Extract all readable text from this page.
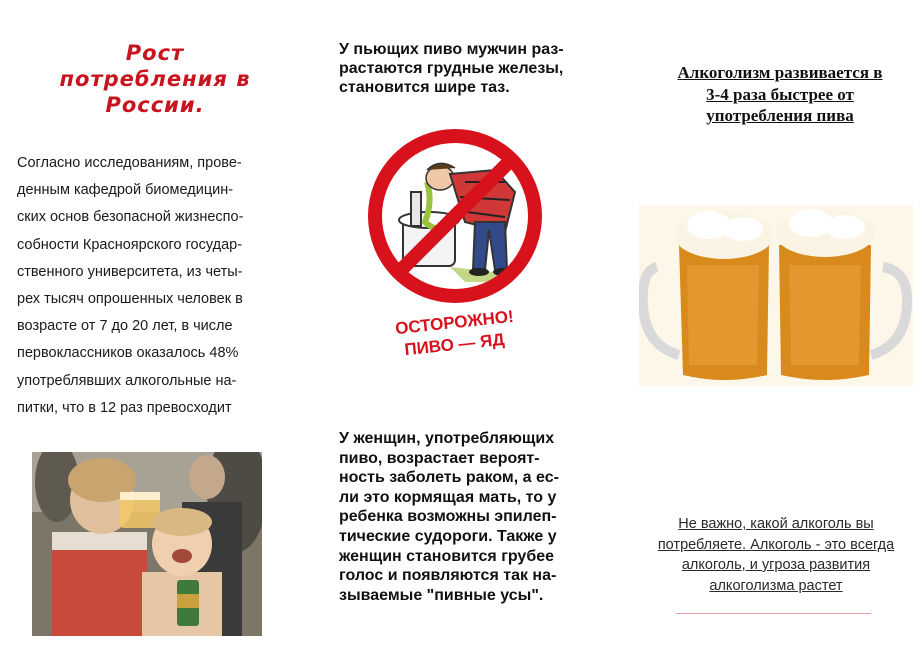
Рост потребления в России.
Согласно исследованиям, прове-
денным кафедрой биомедицин-
ских основ безопасной жизнеспо-
собности Красноярского государ-
ственного университета, из четы-
рех тысяч опрошенных человек в
возрасте от 7 до 20 лет, в числе
первоклассников оказалось 48%
употреблявших алкогольные на-
питки, что в 12 раз превосходит
У пьющих пиво мужчин раз-
растаются грудные железы,
становится шире таз.
ОСТОРОЖНО!
ПИВО — ЯД
У женщин, употребляющих
пиво, возрастает вероят-
ность заболеть раком, а ес-
ли это кормящая мать, то у
ребенка возможны эпилеп-
тические судороги. Также у
женщин становится грубее
голос и появляются так на-
зываемые "пивные усы".
Алкоголизм развивается в
3-4 раза быстрее от
употребления пива
Не важно, какой алкоголь вы
потребляете. Алкоголь - это всегда
алкоголь, и угроза развития
алкоголизма растет
